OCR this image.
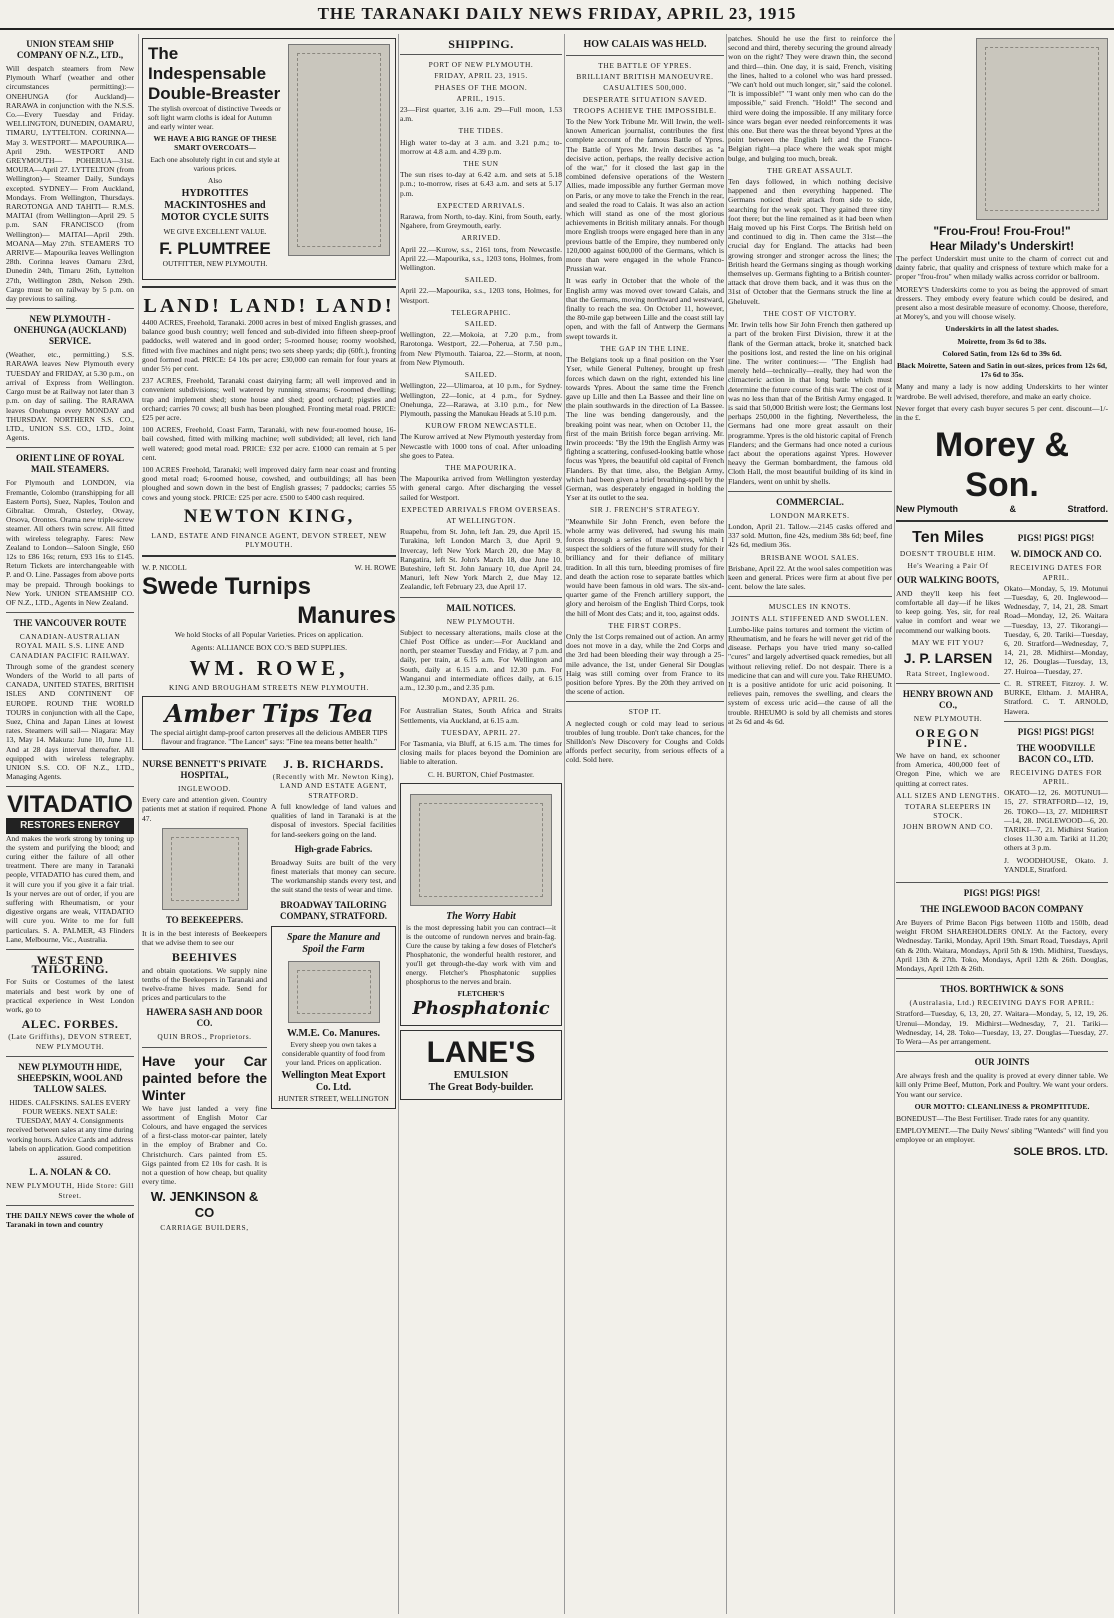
THE TARANAKI DAILY NEWS FRIDAY, APRIL 23, 1915
UNION STEAM SHIP COMPANY OF N.Z., LTD.,

Will despatch steamers from New Plymouth Wharf (weather and other circumstances permitting):— ONEHUNGA (for Auckland)— RARAWA in conjunction with the N.S.S. Co.—Every Tuesday and Friday. WELLINGTON, DUNEDIN, OAMARU, TIMARU, LYTTELTON. CORINNA—May 3. WESTPORT— MAPOURIKA—April 29th. WESTPORT AND GREYMOUTH— POHERUA—31st. MOURA—April 27. LYTTELTON (from Wellington)— Steamer Daily, Sundays excepted. SYDNEY— From Auckland, Mondays. From Wellington, Thursdays. RAROTONGA AND TAHITI— R.M.S. MAITAI (from Wellington—April 29. 5 p.m. SAN FRANCISCO (from Wellington)— MAITAI—April 29th. MOANA—May 27th. STEAMERS TO ARRIVE— Mapourika leaves Wellington 28th. Corinna leaves Oamaru 23rd, Dunedin 24th, Timaru 26th, Lyttelton 27th, Wellington 28th, Nelson 29th. Cargo must be on railway by 5 p.m. on day previous to sailing.

NEW PLYMOUTH - ONEHUNGA (AUCKLAND) SERVICE.

(Weather, etc., permitting.) S.S. RARAWA leaves New Plymouth every TUESDAY and FRIDAY, at 5.30 p.m., on arrival of Express from Wellington. Cargo must be at Railway not later than 3 p.m. on day of sailing. The RARAWA leaves Onehunga every MONDAY and THURSDAY. NORTHERN S.S. CO., LTD., UNION S.S. CO., LTD., Joint Agents.

ORIENT LINE OF ROYAL MAIL STEAMERS.

For Plymouth and LONDON, via Fremantle, Colombo (transhipping for all Eastern Ports), Suez, Naples, Toulon and Gibraltar. Omrah, Osterley, Otway, Orsova, Orontes. Orama new triple-screw steamer. All others twin screw. All fitted with wireless telegraphy. Fares: New Zealand to London—Saloon Single, £60 12s to £86 16s; return, £93 16s to £145. Return Tickets are interchangeable with P. and O. Line. Passages from above ports may be prepaid. Through bookings to New York. UNION STEAMSHIP CO. OF N.Z., LTD., Agents in New Zealand.

THE VANCOUVER ROUTE
CANADIAN-AUSTRALIAN ROYAL MAIL S.S. LINE AND CANADIAN PACIFIC RAILWAY.

Through some of the grandest scenery Wonders of the World to all parts of CANADA, UNITED STATES, BRITISH ISLES AND CONTINENT OF EUROPE. ROUND THE WORLD TOURS in conjunction with all the Cape, Suez, China and Japan Lines at lowest rates. Steamers will sail— Niagara: May 13, May 14. Makura: June 10, June 11. And at 28 days interval thereafter. All equipped with wireless telegraphy. UNION S.S. CO. OF N.Z., LTD., Managing Agents.

VITADATIO
RESTORES ENERGY

And makes the work strong by toning up the system and purifying the blood; and curing either the failure of all other treatment. There are many in Taranaki people, VITADATIO has cured them, and it will cure you if you give it a fair trial. Is your nerves are out of order, if you are suffering with Rheumatism, or your digestive organs are weak, VITADATIO will cure you. Write to me for full particulars. S. A. PALMER, 43 Flinders Lane, Melbourne, Vic., Australia.

WEST END TAILORING.

For Suits or Costumes of the latest materials and best work by one of practical experience in West London work, go to

ALEC. FORBES.
(Late Griffiths), DEVON STREET, NEW PLYMOUTH.
NEW PLYMOUTH HIDE, SHEEPSKIN, WOOL AND TALLOW SALES.

HIDES. CALFSKINS. SALES EVERY FOUR WEEKS. NEXT SALE: TUESDAY, MAY 4. Consignments received between sales at any time during working hours. Advice Cards and address labels on application. Good competition assured.

L. A. NOLAN & CO.
NEW PLYMOUTH, Hide Store: Gill Street.

THE DAILY NEWS cover the whole of Taranaki in town and country

The Indespensable Double-Breaster

The stylish overcoat of distinctive Tweeds or soft light warm cloths is ideal for Autumn and early winter wear.

WE HAVE A BIG RANGE OF THESE SMART OVERCOATS—

Each one absolutely right in cut and style at various prices.

Also

HYDROTITES MACKINTOSHES and MOTOR CYCLE SUITS

WE GIVE EXCELLENT VALUE.

F. PLUMTREE

OUTFITTER, NEW PLYMOUTH.

LAND! LAND! LAND!

4400 ACRES, Freehold, Taranaki. 2000 acres in best of mixed English grasses, and balance good bush country; well fenced and sub-divided into fifteen sheep-proof paddocks, well watered and in good order; 5-roomed house; roomy woolshed, fitted with five machines and night pens; two sets sheep yards; dip (60ft.), fronting good formed road. PRICE: £4 10s per acre; £30,000 can remain for four years at under 5½ per cent.

237 ACRES, Freehold, Taranaki coast dairying farm; all well improved and in convenient subdivisions; well watered by running streams; 6-roomed dwelling; trap and implement shed; stone house and shed; good orchard; pigsties and orchard; carries 70 cows; all bush has been ploughed. Fronting metal road. PRICE: £25 per acre.

100 ACRES, Freehold, Coast Farm, Taranaki, with new four-roomed house, 16-bail cowshed, fitted with milking machine; well subdivided; all level, rich land well watered; good metal road. PRICE: £32 per acre. £1000 can remain at 5 per cent.

100 ACRES Freehold, Taranaki; well improved dairy farm near coast and fronting good metal road; 6-roomed house, cowshed, and outbuildings; all has been ploughed and sown down in the best of English grasses; 7 paddocks; carries 55 cows and young stock. PRICE: £25 per acre. £500 to £400 cash required.

NEWTON KING,
LAND, ESTATE AND FINANCE AGENT, DEVON STREET, NEW PLYMOUTH.
W. P. NICOLL	W. H. ROWE
Swede Turnips
Manures

We hold Stocks of all Popular Varieties. Prices on application.

Agents: ALLIANCE BOX CO.'S BED SUPPLIES.

WM. ROWE,
KING AND BROUGHAM STREETS NEW PLYMOUTH.
Amber Tips Tea
The special airtight damp-proof carton preserves all the delicious AMBER TIPS flavour and fragrance. "The Lancet" says: "Fine tea means better health."
NURSE BENNETT'S PRIVATE HOSPITAL,
INGLEWOOD.

Every care and attention given. Country patients met at station if required. Phone 47.

TO BEEKEEPERS.

It is in the best interests of Beekeepers that we advise them to see our

BEEHIVES

and obtain quotations. We supply nine tenths of the Beekeepers in Taranaki and twelve-frame hives made. Send for prices and particulars to the

HAWERA SASH AND DOOR CO.
QUIN BROS., Proprietors.
Have your Car painted before the Winter

We have just landed a very fine assortment of English Motor Car Colours, and have engaged the services of a first-class motor-car painter, lately in the employ of Brabner and Co. Christchurch. Cars painted from £5. Gigs painted from £2 10s for cash. It is not a question of how cheap, but quality every time.

W. JENKINSON & CO
CARRIAGE BUILDERS,
J. B. RICHARDS.
(Recently with Mr. Newton King), LAND AND ESTATE AGENT, STRATFORD.

A full knowledge of land values and qualities of land in Taranaki is at the disposal of investors. Special facilities for land-seekers going on the land.

High-grade Fabrics.

Broadway Suits are built of the very finest materials that money can secure. The workmanship stands every test, and the suit stand the tests of wear and time.

BROADWAY TAILORING COMPANY, STRATFORD.
Spare the Manure and Spoil the Farm
W.M.E. Co. Manures.

Every sheep you own takes a considerable quantity of food from your land. Prices on application.

Wellington Meat Export Co. Ltd.
HUNTER STREET, WELLINGTON
SHIPPING.
PORT OF NEW PLYMOUTH.
FRIDAY, APRIL 23, 1915.
PHASES OF THE MOON.
APRIL, 1915.

23—First quarter, 3.16 a.m. 29—Full moon, 1.53 a.m.

THE TIDES.

High water to-day at 3 a.m. and 3.21 p.m.; to-morrow at 4.8 a.m. and 4.39 p.m.

THE SUN

The sun rises to-day at 6.42 a.m. and sets at 5.18 p.m.; to-morrow, rises at 6.43 a.m. and sets at 5.17 p.m.

EXPECTED ARRIVALS.

Rarawa, from North, to-day. Kini, from South, early. Ngahere, from Greymouth, early.

ARRIVED.

April 22.—Kurow, s.s., 2161 tons, from Newcastle. April 22.—Mapourika, s.s., 1203 tons, Holmes, from Wellington.

SAILED.

April 22.—Mapourika, s.s., 1203 tons, Holmes, for Westport.

TELEGRAPHIC.
SAILED.

Wellington, 22.—Mokoia, at 7.20 p.m., from Rarotonga. Westport, 22.—Poherua, at 7.50 p.m., from New Plymouth. Taiaroa, 22.—Storm, at noon, from New Plymouth.

SAILED.

Wellington, 22—Ulimaroa, at 10 p.m., for Sydney. Wellington, 22—Ionic, at 4 p.m., for Sydney. Onehunga, 22—Rarawa, at 3.10 p.m., for New Plymouth, passing the Manukau Heads at 5.10 p.m.

KUROW FROM NEWCASTLE.

The Kurow arrived at New Plymouth yesterday from Newcastle with 1000 tons of coal. After unloading she goes to Patea.

THE MAPOURIKA.

The Mapourika arrived from Wellington yesterday with general cargo. After discharging the vessel sailed for Westport.

EXPECTED ARRIVALS FROM OVERSEAS.
AT WELLINGTON.

Ruapehu, from St. John, left Jan. 29, due April 15. Turakina, left London March 3, due April 9. Invercay, left New York March 20, due May 8. Rangatira, left St. John's March 18, due June 10. Buteshire, left St. John January 10, due April 24. Manuri, left New York March 2, due May 12. Zealandic, left February 23, due April 17.

MAIL NOTICES.
NEW PLYMOUTH.

Subject to necessary alterations, mails close at the Chief Post Office as under:—For Auckland and north, per steamer Tuesday and Friday, at 7 p.m. and daily, per train, at 6.15 a.m. For Wellington and South, daily at 6.15 a.m. and 12.30 p.m. For Wanganui and intermediate offices daily, at 6.15 a.m., 12.30 p.m., and 2.35 p.m.

MONDAY, APRIL 26.

For Australian States, South Africa and Straits Settlements, via Auckland, at 6.15 a.m.

TUESDAY, APRIL 27.

For Tasmania, via Bluff, at 6.15 a.m. The times for closing mails for places beyond the Dominion are liable to alteration.

C. H. BURTON, Chief Postmaster.

The Worry Habit

is the most depressing habit you can contract—it is the outcome of rundown nerves and brain-fag. Cure the cause by taking a few doses of Fletcher's Phosphatonic, the wonderful health restorer, and you'll get through-the-day work with vim and energy. Fletcher's Phosphatonic supplies phosphorus to the nerves and brain.

FLETCHER'S
Phosphatonic
LANE'S
EMULSION
The Great Body-builder.
HOW CALAIS WAS HELD.
THE BATTLE OF YPRES.
BRILLIANT BRITISH MANOEUVRE.
CASUALTIES 500,000.
DESPERATE SITUATION SAVED.
TROOPS ACHIEVE THE IMPOSSIBLE.

To the New York Tribune Mr. Will Irwin, the well-known American journalist, contributes the first complete account of the famous Battle of Ypres. The Battle of Ypres Mr. Irwin describes as "a decisive action, perhaps, the really decisive action of the war," for it closed the last gap in the combined defensive operations of the Western Allies, made impossible any further German move on Paris, or any move to take the French in the rear, and sealed the road to Calais. It was also an action which will stand as one of the most glorious achievements in British military annals. For though more English troops were engaged here than in any previous battle of the Empire, they numbered only 120,000 against 600,000 of the Germans, which is more than were engaged in the whole Franco-Prussian war.

It was early in October that the whole of the English army was moved over toward Calais, and that the Germans, moving northward and westward, finally to reach the sea. On October 11, however, the 80-mile gap between Lille and the coast still lay open, and with the fall of Antwerp the Germans swept towards it.

THE GAP IN THE LINE.

The Belgians took up a final position on the Yser Yser, while General Pulteney, brought up fresh forces which dawn on the right, extended his line towards Ypres. About the same time the French gave up Lille and then La Bassee and their line on the plain southwards in the direction of La Bassee. The line was bending dangerously, and the breaking point was near, when on October 11, the first of the main British force began arriving. Mr. Irwin proceeds: "By the 19th the English Army was fighting a scattering, confused-looking battle whose focus was Ypres, the beautiful old capital of French Flanders. By that time, also, the Belgian Army, which had been given a brief breathing-spell by the German, was desperately engaged in holding the Yser at its outlet to the sea.

SIR J. FRENCH'S STRATEGY.

"Meanwhile Sir John French, even before the whole army was delivered, had swung his main forces through a series of manoeuvres, which I suspect the soldiers of the future will study for their brilliancy and for their defiance of military tradition. In all this turn, bleeding promises of fire and death the action rose to separate battles which would have been famous in old wars. The six-and-quarter game of the French artillery support, the glory and heroism of the English Third Corps, took the hill of Mont des Cats; and it, too, against odds.

THE FIRST CORPS.

Only the 1st Corps remained out of action. An army does not move in a day, while the 2nd Corps and the 3rd had been bleeding their way through a 25-mile advance, the 1st, under General Sir Douglas Haig was still coming over from France to its position before Ypres. By the 20th they arrived on the scene of action.

STOP IT.

A neglected cough or cold may lead to serious troubles of lung trouble. Don't take chances, for the Shilldon's New Discovery for Coughs and Colds affords perfect security, from serious effects of a cold. Sold here.

patches. Should he use the first to reinforce the second and third, thereby securing the ground already won on the right? They were drawn thin, the second and third—thin. One day, it is said, French, visiting the lines, halted to a colonel who was hard pressed. "We can't hold out much longer, sir," said the colonel. "It is impossible!" "I want only men who can do the impossible," said French. "Hold!" The second and third were doing the impossible. If any military force since wars began ever needed reinforcements it was this one. But there was the threat beyond Ypres at the point between the English left and the Franco-Belgian right—a place where the weak spot might bulge, and bulging too much, break.

THE GREAT ASSAULT.

Ten days followed, in which nothing decisive happened and then everything happened. The Germans noticed their attack from side to side, searching for the weak spot. They gained three tiny foot there; but the line remained as it had been when Haig moved up his First Corps. The British held on and continued to dig in. Then came the 31st—the crucial day for England. The attacks had been growing stronger and stronger across the lines; the British heard the Germans singing as though working themselves up. Germans fighting to a British counter-attack that drove them back, and it was thus on the 31st of October that the Germans struck the line at Gheluvelt.

THE COST OF VICTORY.

Mr. Irwin tells how Sir John French then gathered up a part of the broken First Division, threw it at the flank of the German attack, broke it, snatched back the positions lost, and rested the line on his original line. The writer continues:— "The English had merely held—technically—really, they had won the climacteric action in that long battle which must determine the future course of this war. The cost of it was no less than that of the British Army engaged. It is said that 50,000 British were lost; the Germans lost perhaps 250,000 in the fighting. Nevertheless, the Germans had one more great assault on their programme. Ypres is the old historic capital of French Flanders; and the Germans had once noted a curious fact about the operations against Ypres. However heavy the German bombardment, the famous old Cloth Hall, the most beautiful building of its kind in Flanders, went on unhit by shells.

COMMERCIAL.
LONDON MARKETS.

London, April 21. Tallow.—2145 casks offered and 337 sold. Mutton, fine 42s, medium 38s 6d; beef, fine 42s 6d, medium 36s.

BRISBANE WOOL SALES.

Brisbane, April 22. At the wool sales competition was keen and general. Prices were firm at about five per cent. below the late sales.

MUSCLES IN KNOTS.
JOINTS ALL STIFFENED AND SWOLLEN.

Lumbo-like pains tortures and torment the victim of Rheumatism, and he fears he will never get rid of the disease. Perhaps you have tried many so-called "cures" and largely advertised quack remedies, but all without relieving relief. Do not despair. There is a medicine that can and will cure you. Take RHEUMO. It is a positive antidote for uric acid poisoning. It relieves pain, removes the swelling, and clears the system of excess uric acid—the cause of all the trouble. RHEUMO is sold by all chemists and stores at 2s 6d and 4s 6d.

"Frou-Frou! Frou-Frou!"
Hear Milady's Underskirt!

The perfect Underskirt must unite to the charm of correct cut and dainty fabric, that quality and crispness of texture which make for a proper "frou-frou" when milady walks across corridor or ballroom.

MOREY'S Underskirts come to you as being the approved of smart dressers. They embody every feature which could be desired, and present also a most desirable measure of economy. Choose, therefore, at Morey's, and you will choose wisely.

Underskirts in all the latest shades.

Moirette, from 3s 6d to 38s.

Colored Satin, from 12s 6d to 39s 6d.

Black Moirette, Sateen and Satin in out-sizes, prices from 12s 6d, 17s 6d to 35s.

Many and many a lady is now adding Underskirts to her winter wardrobe. Be well advised, therefore, and make an early choice.

Never forget that every cash buyer secures 5 per cent. discount—1/- in the £.

Morey & Son.
New Plymouth	&	Stratford.
Ten Miles
DOESN'T TROUBLE HIM.
He's Wearing a Pair Of
OUR WALKING BOOTS,

AND they'll keep his feet comfortable all day—if he likes to keep going. Yes, sir, for real value in comfort and wear we recommend our walking boots.

MAY WE FIT YOU?
J. P. LARSEN
Rata Street, Inglewood.
HENRY BROWN AND CO.,
NEW PLYMOUTH.
OREGON PINE.

We have on hand, ex schooner from America, 400,000 feet of Oregon Pine, which we are quitting at correct rates.

ALL SIZES AND LENGTHS.
TOTARA SLEEPERS IN STOCK.
JOHN BROWN AND CO.
PIGS! PIGS! PIGS!
W. DIMOCK AND CO.
RECEIVING DATES FOR APRIL.

Okato—Monday, 5, 19. Motunui—Tuesday, 6, 20. Inglewood—Wednesday, 7, 14, 21, 28. Smart Road—Monday, 12, 26. Waitara—Tuesday, 13, 27. Tikorangi—Tuesday, 6, 20. Tariki—Tuesday, 6, 20. Stratford—Wednesday, 7, 14, 21, 28. Midhirst—Monday, 12, 26. Douglas—Tuesday, 13, 27. Huiroa—Tuesday, 27.

C. R. STREET, Fitzroy. J. W. BURKE, Eltham. J. MAHRA, Stratford. C. T. ARNOLD, Hawera.

PIGS! PIGS! PIGS!
THE WOODVILLE BACON CO., LTD.
RECEIVING DATES FOR APRIL.

OKATO—12, 26. MOTUNUI—15, 27. STRATFORD—12, 19, 26. TOKO—13, 27. MIDHIRST—14, 28. INGLEWOOD—6, 20. TARIKI—7, 21. Midhirst Station closes 11.30 a.m. Tariki at 11.20; others at 3 p.m.

J. WOODHOUSE, Okato. J. YANDLE, Stratford.

PIGS! PIGS! PIGS!
THE INGLEWOOD BACON COMPANY

Are Buyers of Prime Bacon Pigs between 110lb and 150lb, dead weight FROM SHAREHOLDERS ONLY. At the Factory, every Wednesday. Tariki, Monday, April 19th. Smart Road, Tuesdays, April 6th & 20th. Waitara, Mondays, April 5th & 19th. Midhirst, Tuesdays, April 13th & 27th. Toko, Mondays, April 12th & 26th. Douglas, Mondays, April 12th & 26th.

THOS. BORTHWICK & SONS
(Australasia, Ltd.) RECEIVING DAYS FOR APRIL:

Stratford—Tuesday, 6, 13, 20, 27. Waitara—Monday, 5, 12, 19, 26. Urenui—Monday, 19. Midhirst—Wednesday, 7, 21. Tariki—Wednesday, 14, 28. Toko—Tuesday, 13, 27. Douglas—Tuesday, 27. To Wera—As per arrangement.

OUR JOINTS

Are always fresh and the quality is proved at every dinner table. We kill only Prime Beef, Mutton, Pork and Poultry. We want your orders. You want our service.

OUR MOTTO: CLEANLINESS & PROMPTITUDE.

BONEDUST—The Best Fertiliser. Trade rates for any quantity.

EMPLOYMENT.—The Daily News' sibling "Wanteds" will find you employee or an employer.

SOLE BROS. LTD.
